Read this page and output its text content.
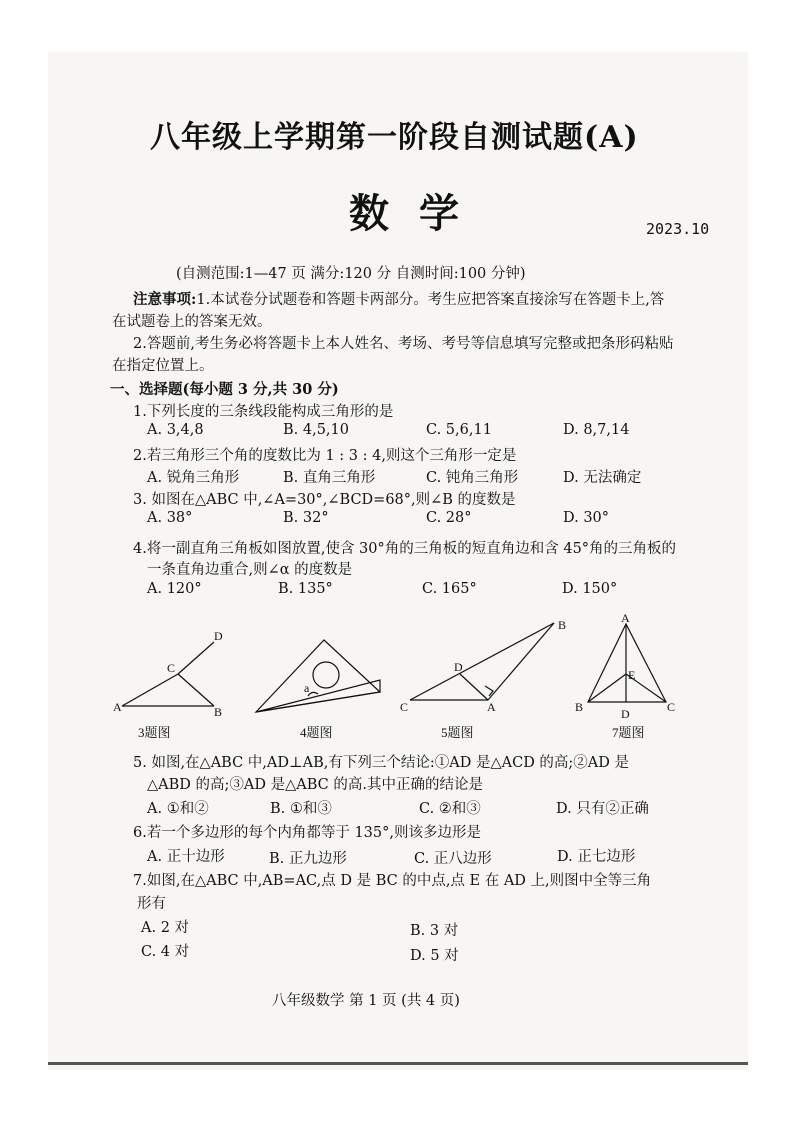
八年级上学期第一阶段自测试题(A)
数学	2023.10
(自测范围:1—47 页 满分:120 分 自测时间:100 分钟)
注意事项:1.本试卷分试题卷和答题卡两部分。考生应把答案直接涂写在答题卡上,答
在试题卷上的答案无效。
2.答题前,考生务必将答题卡上本人姓名、考场、考号等信息填写完整或把条形码粘贴
在指定位置上。
一、选择题(每小题 3 分,共 30 分)
1.下列长度的三条线段能构成三角形的是
A. 3,4,8	B. 4,5,10	C. 5,6,11	D. 8,7,14
2.若三角形三个角的度数比为 1 : 3 : 4,则这个三角形一定是
A. 锐角三角形	B. 直角三角形	C. 钝角三角形	D. 无法确定
3. 如图在△ABC 中,∠A=30°,∠BCD=68°,则∠B 的度数是
A. 38°	B. 32°	C. 28°	D. 30°
4.将一副直角三角板如图放置,使含 30°角的三角板的短直角边和含 45°角的三角板的
一条直角边重合,则∠α 的度数是
A. 120°	B. 135°	C. 165°	D. 150°
A	B
C
D
3题图
a
4题图
B
D
C	A
5题图
A
E
B	D	C
7题图
5. 如图,在△ABC 中,AD⊥AB,有下列三个结论:①AD 是△ACD 的高;②AD 是
△ABD 的高;③AD 是△ABC 的高.其中正确的结论是
A. ①和②	B. ①和③	C. ②和③	D. 只有②正确
6.若一个多边形的每个内角都等于 135°,则该多边形是
A. 正十边形	B. 正九边形	C. 正八边形	D. 正七边形
7.如图,在△ABC 中,AB=AC,点 D 是 BC 的中点,点 E 在 AD 上,则图中全等三角
形有
A. 2 对	B. 3 对
C. 4 对	D. 5 对
八年级数学 第 1 页 (共 4 页)
